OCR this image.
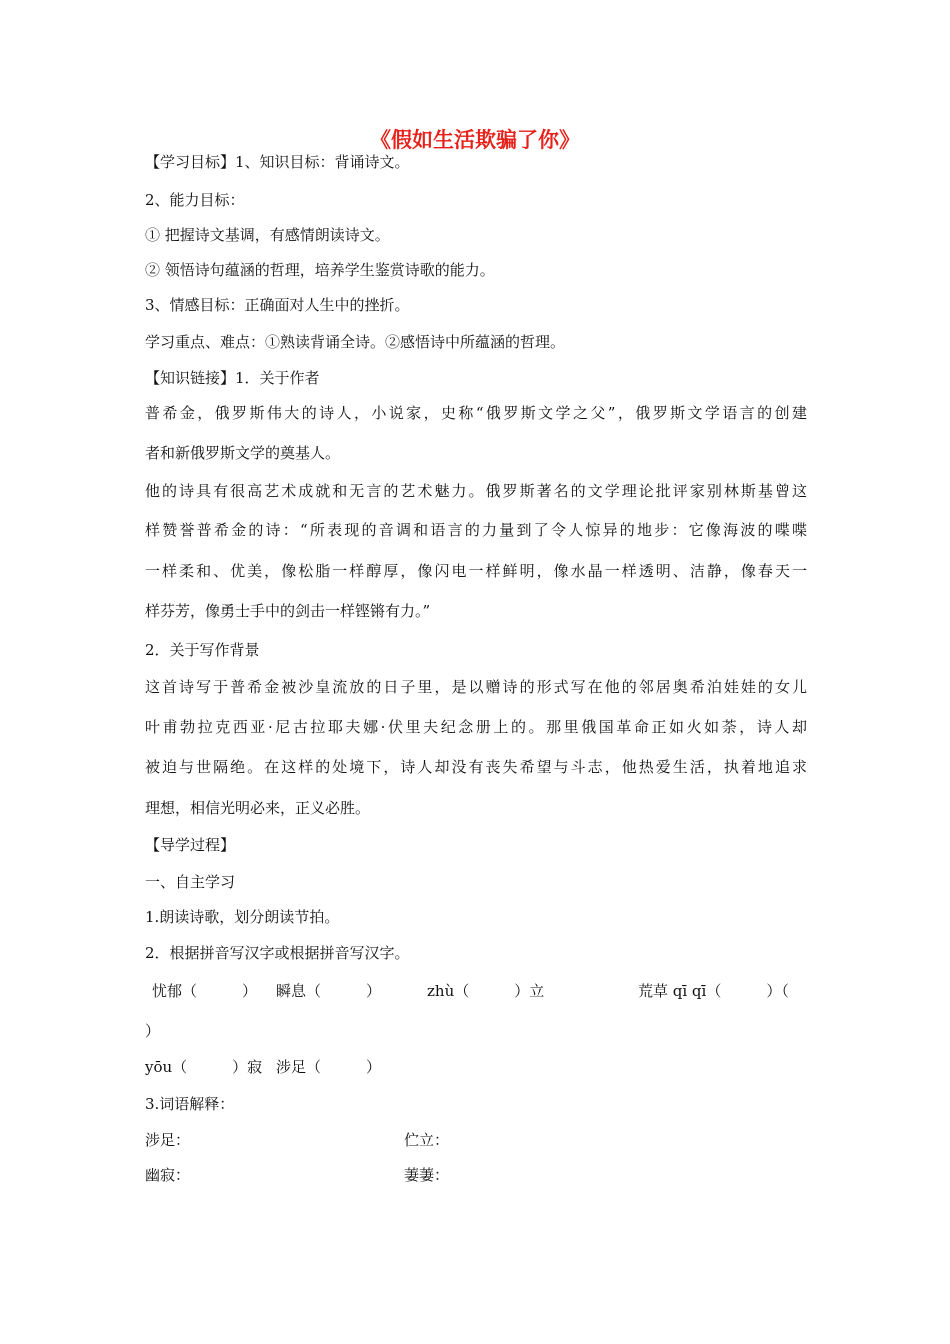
《假如生活欺骗了你》
【学习目标】1、知识目标：背诵诗文。
2、能力目标：
① 把握诗文基调，有感情朗读诗文。
② 领悟诗句蕴涵的哲理，培养学生鉴赏诗歌的能力。
3、情感目标：正确面对人生中的挫折。
学习重点、难点：①熟读背诵全诗。②感悟诗中所蕴涵的哲理。
【知识链接】1．关于作者
普希金，俄罗斯伟大的诗人，小说家，史称“俄罗斯文学之父”，俄罗斯文学语言的创建
者和新俄罗斯文学的奠基人。
他的诗具有很高艺术成就和无言的艺术魅力。俄罗斯著名的文学理论批评家别林斯基曾这
样赞誉普希金的诗：“所表现的音调和语言的力量到了令人惊异的地步：它像海波的喋喋
一样柔和、优美，像松脂一样醇厚，像闪电一样鲜明，像水晶一样透明、洁静，像春天一
样芬芳，像勇士手中的剑击一样铿锵有力。”
2．关于写作背景
这首诗写于普希金被沙皇流放的日子里，是以赠诗的形式写在他的邻居奥希泊娃娃的女儿
叶甫勃拉克西亚·尼古拉耶夫娜·伏里夫纪念册上的。那里俄国革命正如火如荼，诗人却
被迫与世隔绝。在这样的处境下，诗人却没有丧失希望与斗志，他热爱生活，执着地追求
理想，相信光明必来，正义必胜。
【导学过程】
一、自主学习
1.朗读诗歌，划分朗读节拍。
2．根据拼音写汉字或根据拼音写汉字。
忧郁（　　　） 瞬息（　　　）	zhù（　　　）立	荒草 qī qī（　　　）（
）
yōu（　　　）寂 涉足（　　　）
3.词语解释：
涉足：	伫立：
幽寂：	萋萋：
